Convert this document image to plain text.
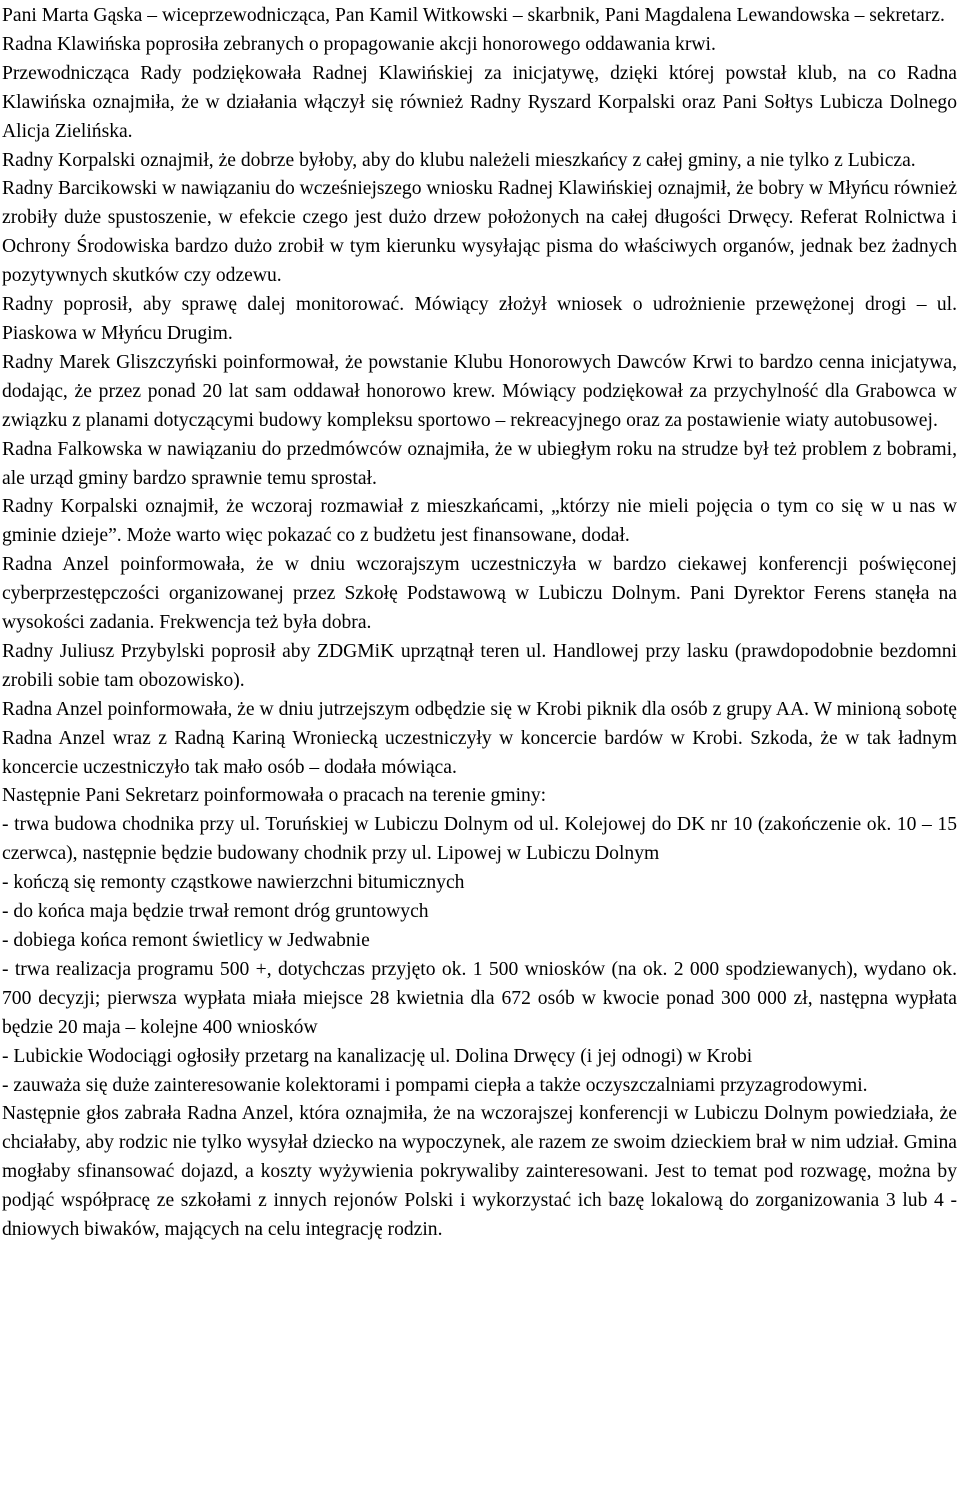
Pani Marta Gąska – wiceprzewodnicząca, Pan Kamil Witkowski – skarbnik, Pani Magdalena Lewandowska – sekretarz.

Radna Klawińska poprosiła zebranych o propagowanie akcji honorowego oddawania krwi.

Przewodnicząca Rady podziękowała Radnej Klawińskiej za inicjatywę, dzięki której powstał klub, na co Radna Klawińska oznajmiła, że w działania włączył się również Radny Ryszard Korpalski oraz Pani Sołtys Lubicza Dolnego Alicja Zielińska.

Radny Korpalski oznajmił, że dobrze byłoby, aby do klubu należeli mieszkańcy z całej gminy, a nie tylko z Lubicza.

Radny Barcikowski w nawiązaniu do wcześniejszego wniosku Radnej Klawińskiej oznajmił, że bobry w Młyńcu również zrobiły duże spustoszenie, w efekcie czego jest dużo drzew położonych na całej długości Drwęcy. Referat Rolnictwa i Ochrony Środowiska bardzo dużo zrobił w tym kierunku wysyłając pisma do właściwych organów, jednak bez żadnych pozytywnych skutków czy odzewu.

Radny poprosił, aby sprawę dalej monitorować. Mówiący złożył wniosek o udrożnienie przewężonej drogi – ul. Piaskowa w Młyńcu Drugim.

Radny Marek Gliszczyński poinformował, że powstanie Klubu Honorowych Dawców Krwi to bardzo cenna inicjatywa, dodając, że przez ponad 20 lat sam oddawał honorowo krew. Mówiący podziękował za przychylność dla Grabowca w związku z planami dotyczącymi budowy kompleksu sportowo – rekreacyjnego oraz za postawienie wiaty autobusowej.

Radna Falkowska w nawiązaniu do przedmówców oznajmiła, że w ubiegłym roku na strudze był też problem z bobrami, ale urząd gminy bardzo sprawnie temu sprostał.

Radny Korpalski oznajmił, że wczoraj rozmawiał z mieszkańcami, „którzy nie mieli pojęcia o tym co się w u nas w gminie dzieje”. Może warto więc pokazać co z budżetu jest finansowane, dodał.

Radna Anzel poinformowała, że w dniu wczorajszym uczestniczyła w bardzo ciekawej konferencji poświęconej cyberprzestępczości organizowanej przez Szkołę Podstawową w Lubiczu Dolnym. Pani Dyrektor Ferens stanęła na wysokości zadania. Frekwencja też była dobra.

Radny Juliusz Przybylski poprosił aby ZDGMiK uprzątnął teren ul. Handlowej przy lasku (prawdopodobnie bezdomni zrobili sobie tam obozowisko).

Radna Anzel poinformowała, że w dniu jutrzejszym odbędzie się w Krobi piknik dla osób z grupy AA. W minioną sobotę Radna Anzel wraz z Radną Kariną Wroniecką uczestniczyły w koncercie bardów w Krobi. Szkoda, że w tak ładnym koncercie uczestniczyło tak mało osób – dodała mówiąca.

Następnie Pani Sekretarz poinformowała o pracach na terenie gminy:

- trwa budowa chodnika przy ul. Toruńskiej w Lubiczu Dolnym od ul. Kolejowej do DK nr 10 (zakończenie ok. 10 – 15 czerwca), następnie będzie budowany chodnik przy ul. Lipowej w Lubiczu Dolnym

- kończą się remonty cząstkowe nawierzchni bitumicznych

- do końca maja będzie trwał remont dróg gruntowych

- dobiega końca remont świetlicy w Jedwabnie

- trwa realizacja programu 500 +, dotychczas przyjęto ok. 1 500 wniosków (na ok. 2 000 spodziewanych), wydano ok. 700 decyzji; pierwsza wypłata miała miejsce 28 kwietnia dla 672 osób w kwocie ponad 300 000 zł, następna wypłata będzie 20 maja – kolejne 400 wniosków

- Lubickie Wodociągi ogłosiły przetarg na kanalizację ul. Dolina Drwęcy (i jej odnogi) w Krobi

- zauważa się duże zainteresowanie kolektorami i pompami ciepła a także oczyszczalniami przyzagrodowymi.

Następnie głos zabrała Radna Anzel, która oznajmiła, że na wczorajszej konferencji w Lubiczu Dolnym powiedziała, że chciałaby, aby rodzic nie tylko wysyłał dziecko na wypoczynek, ale razem ze swoim dzieckiem brał w nim udział. Gmina mogłaby sfinansować dojazd, a koszty wyżywienia pokrywaliby zainteresowani. Jest to temat pod rozwagę, można by podjąć współpracę ze szkołami z innych rejonów Polski i wykorzystać ich bazę lokalową do zorganizowania 3 lub 4 - dniowych biwaków, mających na celu integrację rodzin.
